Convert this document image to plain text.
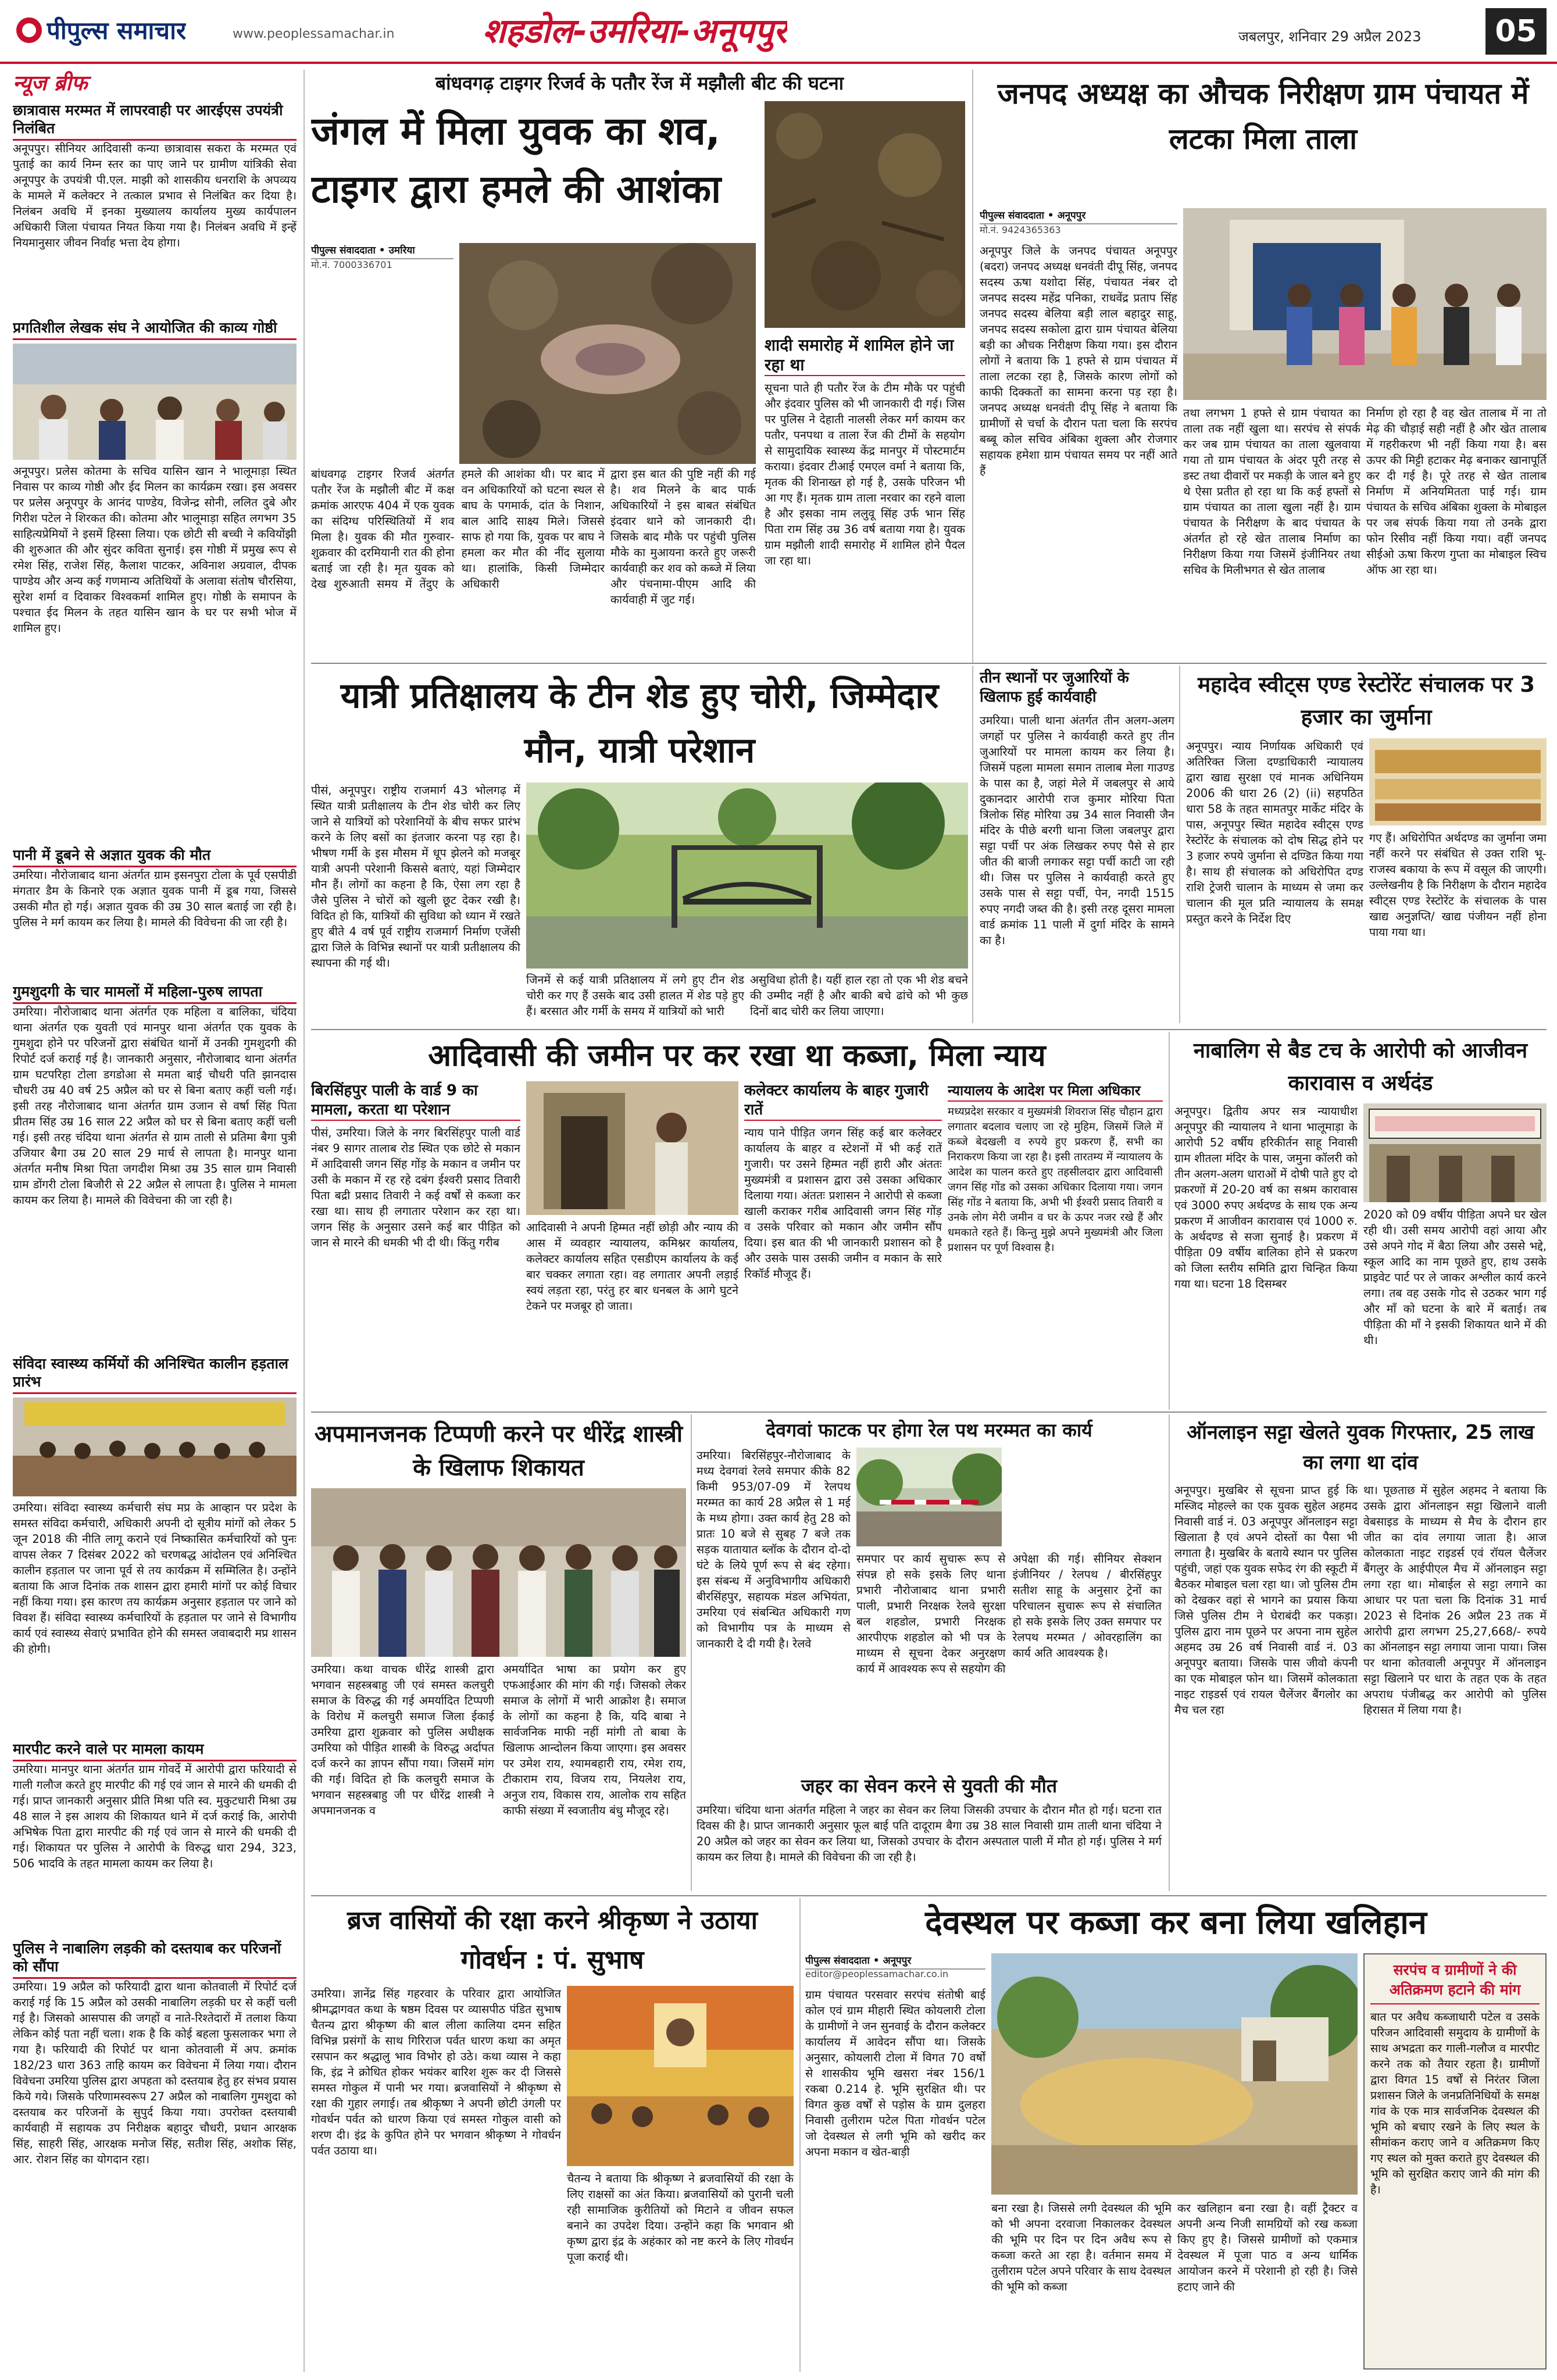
पीपुल्स समाचार	www.peoplessamachar.in	शहडोल-उमरिया-अनूपपुर	जबलपुर, शनिवार 29 अप्रैल 2023	05
न्यूज ब्रीफ
छात्रावास मरम्मत में लापरवाही पर आरईएस उपयंत्री निलंबित
अनूपपुर। सीनियर आदिवासी कन्या छात्रावास सकरा के मरम्मत एवं पुताई का कार्य निम्न स्तर का पाए जाने पर ग्रामीण यांत्रिकी सेवा अनूपपुर के उपयंत्री पी.एल. माझी को शासकीय धनराशि के अपव्यय के मामले में कलेक्टर ने तत्काल प्रभाव से निलंबित कर दिया है। निलंबन अवधि में इनका मुख्यालय कार्यालय मुख्य कार्यपालन अधिकारी जिला पंचायत नियत किया गया है। निलंबन अवधि में इन्हें नियमानुसार जीवन निर्वाह भत्ता देय होगा।
प्रगतिशील लेखक संघ ने आयोजित की काव्य गोष्ठी
अनूपपुर। प्रलेस कोतमा के सचिव यासिन खान ने भालूमाड़ा स्थित निवास पर काव्य गोष्ठी और ईद मिलन का कार्यक्रम रखा। इस अवसर पर प्रलेस अनूपपुर के आनंद पाण्डेय, विजेन्द्र सोनी, ललित दुबे और गिरीश पटेल ने शिरकत की। कोतमा और भालूमाड़ा सहित लगभग 35 साहित्यप्रेमियों ने इसमें हिस्सा लिया। एक छोटी सी बच्ची ने कवियोंझी की शुरुआत की और सुंदर कविता सुनाई। इस गोष्ठी में प्रमुख रूप से रमेश सिंह, राजेश सिंह, कैलाश पाटकर, अविनाश अग्रवाल, दीपक पाण्डेय और अन्य कई गणमान्य अतिथियों के अलावा संतोष चौरसिया, सुरेश शर्मा व दिवाकर विश्वकर्मा शामिल हुए। गोष्ठी के समापन के पश्चात ईद मिलन के तहत यासिन खान के घर पर सभी भोज में शामिल हुए।
पानी में डूबने से अज्ञात युवक की मौत
उमरिया। नौरोजाबाद थाना अंतर्गत ग्राम इसनपुरा टोला के पूर्व एसपीडी मंगतार डैम के किनारे एक अज्ञात युवक पानी में डूब गया, जिससे उसकी मौत हो गई। अज्ञात युवक की उम्र 30 साल बताई जा रही है। पुलिस ने मर्ग कायम कर लिया है। मामले की विवेचना की जा रही है।
गुमशुदगी के चार मामलों में महिला-पुरुष लापता
उमरिया। नौरोजाबाद थाना अंतर्गत एक महिला व बालिका, चंदिया थाना अंतर्गत एक युवती एवं मानपुर थाना अंतर्गत एक युवक के गुमशुदा होने पर परिजनों द्वारा संबंधित थानों में उनकी गुमशुदगी की रिपोर्ट दर्ज कराई गई है। जानकारी अनुसार, नौरोजाबाद थाना अंतर्गत ग्राम घटपरिहा टोला डगडोआ से ममता बाई चौधरी पति झानदास चौधरी उम्र 40 वर्ष 25 अप्रैल को घर से बिना बताए कहीं चली गई। इसी तरह नौरोजाबाद थाना अंतर्गत ग्राम उजान से वर्षा सिंह पिता प्रीतम सिंह उम्र 16 साल 22 अप्रैल को घर से बिना बताए कहीं चली गई। इसी तरह चंदिया थाना अंतर्गत से ग्राम ताली से प्रतिमा बैगा पुत्री उजियार बैगा उम्र 20 साल 29 मार्च से लापता है। मानपुर थाना अंतर्गत मनीष मिश्रा पिता जगदीश मिश्रा उम्र 35 साल ग्राम निवासी ग्राम डोंगरी टोला बिजौरी से 22 अप्रैल से लापता है। पुलिस ने मामला कायम कर लिया है। मामले की विवेचना की जा रही है।
संविदा स्वास्थ्य कर्मियों की अनिश्चित कालीन हड़ताल प्रारंभ
उमरिया। संविदा स्वास्थ्य कर्मचारी संघ मप्र के आव्हान पर प्रदेश के समस्त संविदा कर्मचारी, अधिकारी अपनी दो सूत्रीय मांगों को लेकर 5 जून 2018 की नीति लागू कराने एवं निष्कासित कर्मचारियों को पुनः वापस लेकर 7 दिसंबर 2022 को चरणबद्ध आंदोलन एवं अनिश्चित कालीन हड़ताल पर जाना पूर्व से तय कार्यक्रम में सम्मिलित है। उन्होंने बताया कि आज दिनांक तक शासन द्वारा हमारी मांगों पर कोई विचार नहीं किया गया। इस कारण तय कार्यक्रम अनुसार हड़ताल पर जाने को विवश हैं। संविदा स्वास्थ्य कर्मचारियों के हड़ताल पर जाने से विभागीय कार्य एवं स्वास्थ्य सेवाएं प्रभावित होने की समस्त जवाबदारी मप्र शासन की होगी।
मारपीट करने वाले पर मामला कायम
उमरिया। मानपुर थाना अंतर्गत ग्राम गोवर्दे में आरोपी द्वारा फरियादी से गाली गलौज करते हुए मारपीट की गई एवं जान से मारने की धमकी दी गई। प्राप्त जानकारी अनुसार प्रीति मिश्रा पति स्व. मुकुटधारी मिश्रा उम्र 48 साल ने इस आशय की शिकायत थाने में दर्ज कराई कि, आरोपी अभिषेक पिता द्वारा मारपीट की गई एवं जान से मारने की धमकी दी गई। शिकायत पर पुलिस ने आरोपी के विरुद्ध धारा 294, 323, 506 भादवि के तहत मामला कायम कर लिया है।
पुलिस ने नाबालिग लड़की को दस्तयाब कर परिजनों को सौंपा
उमरिया। 19 अप्रैल को फरियादी द्वारा थाना कोतवाली में रिपोर्ट दर्ज कराई गई कि 15 अप्रैल को उसकी नाबालिग लड़की घर से कहीं चली गई है। जिसको आसपास की जगहों व नाते-रिश्तेदारों में तलाश किया लेकिन कोई पता नहीं चला। शक है कि कोई बहला फुसलाकर भगा ले गया है। फरियादी की रिपोर्ट पर थाना कोतवाली में अप. क्रमांक 182/23 धारा 363 ताहि कायम कर विवेचना में लिया गया। दौरान विवेचना उमरिया पुलिस द्वारा अपहता को दस्तयाब हेतु हर संभव प्रयास किये गये। जिसके परिणामस्वरूप 27 अप्रैल को नाबालिग गुमशुदा को दस्तयाब कर परिजनों के सुपुर्द किया गया। उपरोक्त दस्तयाबी कार्यवाही में सहायक उप निरीक्षक बहादुर चौधरी, प्रधान आरक्षक सिंह, साहरी सिंह, आरक्षक मनोज सिंह, सतीश सिंह, अशोक सिंह, आर. रोशन सिंह का योगदान रहा।
बांधवगढ़ टाइगर रिजर्व के पतौर रेंज में मझौली बीट की घटना
जंगल में मिला युवक का शव, टाइगर द्वारा हमले की आशंका
पीपुल्स संवाददाता • उमरिया
मो.नं. 7000336701
बांधवगढ़ टाइगर रिजर्व अंतर्गत पतौर रेंज के मझौली बीट में कक्ष क्रमांक आरएफ 404 में एक युवक का संदिग्ध परिस्थितियों में शव मिला है। युवक की मौत गुरुवार-शुक्रवार की दरमियानी रात की होना बताई जा रही है। मृत युवक को देख शुरुआती समय में तेंदुए के हमले की आशंका थी। पर बाद में वन अधिकारियों को घटना स्थल से बाघ के पगमार्क, दांत के निशान, बाल आदि साक्ष्य मिले। जिससे साफ हो गया कि, युवक पर बाघ ने हमला कर मौत की नींद सुलाया था। हालांकि, किसी जिम्मेदार अधिकारी
द्वारा इस बात की पुष्टि नहीं की गई है। शव मिलने के बाद पार्क अधिकारियों ने इस बाबत संबंधित इंदवार थाने को जानकारी दी। जिसके बाद मौके पर पहुंची पुलिस मौके का मुआयना करते हुए जरूरी कार्यवाही कर शव को कब्जे में लिया और पंचनामा-पीएम आदि की कार्यवाही में जुट गई।
शादी समारोह में शामिल होने जा रहा था
सूचना पाते ही पतौर रेंज के टीम मौके पर पहुंची और इंदवार पुलिस को भी जानकारी दी गई। जिस पर पुलिस ने देहाती नालसी लेकर मर्ग कायम कर पतौर, पनपथा व ताला रेंज की टीमों के सहयोग से सामुदायिक स्वास्थ्य केंद्र मानपुर में पोस्टमार्टम कराया। इंदवार टीआई एमएल वर्मा ने बताया कि, मृतक की शिनाख्त हो गई है, उसके परिजन भी आ गए हैं। मृतक ग्राम ताला नरवार का रहने वाला है और इसका नाम ललुवू सिंह उर्फ भान सिंह पिता राम सिंह उम्र 36 वर्ष बताया गया है। युवक ग्राम मझौली शादी समारोह में शामिल होने पैदल जा रहा था।
जनपद अध्यक्ष का औचक निरीक्षण ग्राम पंचायत में लटका मिला ताला
पीपुल्स संवाददाता • अनूपपुर
मो.नं. 9424365363
अनूपपुर जिले के जनपद पंचायत अनूपपुर (बदरा) जनपद अध्यक्ष धनवंती दीपू सिंह, जनपद सदस्य ऊषा यशोदा सिंह, पंचायत नंबर दो जनपद सदस्य महेंद्र पनिका, राधवेंद्र प्रताप सिंह जनपद सदस्य बेलिया बड़ी लाल बहादुर साहू, जनपद सदस्य सकोला द्वारा ग्राम पंचायत बेलिया बड़ी का औचक निरीक्षण किया गया। इस दौरान लोगों ने बताया कि 1 हफ्ते से ग्राम पंचायत में ताला लटका रहा है, जिसके कारण लोगों को काफी दिक्कतों का सामना करना पड़ रहा है। जनपद अध्यक्ष धनवंती दीपू सिंह ने बताया कि ग्रामीणों से चर्चा के दौरान पता चला कि सरपंच बब्बू कोल सचिव अंबिका शुक्ला और रोजगार सहायक हमेशा ग्राम पंचायत समय पर नहीं आते हैं
तथा लगभग 1 हफ्ते से ग्राम पंचायत का ताला तक नहीं खुला था। सरपंच से संपर्क कर जब ग्राम पंचायत का ताला खुलवाया गया तो ग्राम पंचायत के अंदर पूरी तरह से डस्ट तथा दीवारों पर मकड़ी के जाल बने हुए थे ऐसा प्रतीत हो रहा था कि कई हफ्तों से ग्राम पंचायत का ताला खुला नहीं है। ग्राम पंचायत के निरीक्षण के बाद पंचायत के अंतर्गत हो रहे खेत तालाब निर्माण का निरीक्षण किया गया जिसमें इंजीनियर तथा सचिव के मिलीभगत से खेत तालाब
निर्माण हो रहा है वह खेत तालाब में ना तो मेढ़ की चौड़ाई सही नहीं है और खेत तालाब में गहरीकरण भी नहीं किया गया है। बस ऊपर की मिट्टी हटाकर मेढ़ बनाकर खानापूर्ति कर दी गई है। पूरे तरह से खेत तालाब निर्माण में अनियमितता पाई गई। ग्राम पंचायत के सचिव अंबिका शुक्ला के मोबाइल पर जब संपर्क किया गया तो उनके द्वारा फोन रिसीव नहीं किया गया। वहीं जनपद सीईओ ऊषा किरण गुप्ता का मोबाइल स्विच ऑफ आ रहा था।
यात्री प्रतिक्षालय के टीन शेड हुए चोरी, जिम्मेदार मौन, यात्री परेशान
पीसं, अनूपपुर। राष्ट्रीय राजमार्ग 43 भोलगढ़ में स्थित यात्री प्रतीक्षालय के टीन शेड चोरी कर लिए जाने से यात्रियों को परेशानियों के बीच सफर प्रारंभ करने के लिए बसों का इंतजार करना पड़ रहा है। भीषण गर्मी के इस मौसम में धूप झेलने को मजबूर यात्री अपनी परेशानी किससे बताएं, यहां जिम्मेदार मौन हैं। लोगों का कहना है कि, ऐसा लग रहा है जैसे पुलिस ने चोरों को खुली छूट देकर रखी है। विदित हो कि, यात्रियों की सुविधा को ध्यान में रखते हुए बीते 4 वर्ष पूर्व राष्ट्रीय राजमार्ग निर्माण एजेंसी द्वारा जिले के विभिन्न स्थानों पर यात्री प्रतीक्षालय की स्थापना की गई थी।
जिनमें से कई यात्री प्रतिक्षालय में लगे हुए टीन शेड चोरी कर गए हैं उसके बाद उसी हालत में शेड पड़े हुए हैं। बरसात और गर्मी के समय में यात्रियों को भारी
असुविधा होती है। यहीं हाल रहा तो एक भी शेड बचने की उम्मीद नहीं है और बाकी बचे ढांचे को भी कुछ दिनों बाद चोरी कर लिया जाएगा।
तीन स्थानों पर जुआरियों के खिलाफ हुई कार्यवाही
उमरिया। पाली थाना अंतर्गत तीन अलग-अलग जगहों पर पुलिस ने कार्यवाही करते हुए तीन जुआरियों पर मामला कायम कर लिया है। जिसमें पहला मामला समान तालाब मेला गाउण्ड के पास का है, जहां मेले में जबलपुर से आये दुकानदार आरोपी राज कुमार मोरिया पिता त्रिलोक सिंह मोरिया उम्र 34 साल निवासी जैन मंदिर के पीछे बरगी थाना जिला जबलपुर द्वारा सट्टा पर्ची पर अंक लिखकर रुपए पैसे से हार जीत की बाजी लगाकर सट्टा पर्ची काटी जा रही थी। जिस पर पुलिस ने कार्यवाही करते हुए उसके पास से सट्टा पर्ची, पेन, नगदी 1515 रुपए नगदी जब्त की है। इसी तरह दूसरा मामला वार्ड क्रमांक 11 पाली में दुर्गा मंदिर के सामने का है।
महादेव स्वीट्स एण्ड रेस्टोरेंट संचालक पर 3 हजार का जुर्माना
अनूपपुर। न्याय निर्णायक अधिकारी एवं अतिरिक्त जिला दण्डाधिकारी न्यायालय द्वारा खाद्य सुरक्षा एवं मानक अधिनियम 2006 की धारा 26 (2) (ii) सहपठित धारा 58 के तहत सामतपुर मार्केट मंदिर के पास, अनूपपुर स्थित महादेव स्वीट्स एण्ड रेस्टोरेंट के संचालक को दोष सिद्ध होने पर 3 हजार रुपये जुर्माना से दण्डित किया गया है। साथ ही संचालक को अधिरोपित दण्ड राशि ट्रेजरी चालान के माध्यम से जमा कर चालान की मूल प्रति न्यायालय के समक्ष प्रस्तुत करने के निर्देश दिए
गए हैं। अधिरोपित अर्थदण्ड का जुर्माना जमा नहीं करने पर संबंधित से उक्त राशि भू-राजस्व बकाया के रूप में वसूल की जाएगी। उल्लेखनीय है कि निरीक्षण के दौरान महादेव स्वीट्स एण्ड रेस्टोरेंट के संचालक के पास खाद्य अनुज्ञप्ति/ खाद्य पंजीयन नहीं होना पाया गया था।
आदिवासी की जमीन पर कर रखा था कब्जा, मिला न्याय
बिरसिंहपुर पाली के वार्ड 9 का मामला, करता था परेशान
पीसं, उमरिया। जिले के नगर बिरसिंहपुर पाली वार्ड नंबर 9 सागर तालाब रोड स्थित एक छोटे से मकान में आदिवासी जगन सिंह गोंड़ के मकान व जमीन पर उसी के मकान में रह रहे दबंग ईश्वरी प्रसाद तिवारी पिता बद्री प्रसाद तिवारी ने कई वर्षों से कब्जा कर रखा था। साथ ही लगातार परेशान कर रहा था। जगन सिंह के अनुसार उसने कई बार पीड़ित को जान से मारने की धमकी भी दी थी। किंतु गरीब
आदिवासी ने अपनी हिम्मत नहीं छोड़ी और न्याय की आस में व्यवहार न्यायालय, कमिश्नर कार्यालय, कलेक्टर कार्यालय सहित एसडीएम कार्यालय के कई बार चक्कर लगाता रहा। वह लगातार अपनी लड़ाई स्वयं लड़ता रहा, परंतु हर बार धनबल के आगे घुटने टेकने पर मजबूर हो जाता।
कलेक्टर कार्यालय के बाहर गुजारी रातें
न्याय पाने पीड़ित जगन सिंह कई बार कलेक्टर कार्यालय के बाहर व स्टेशनों में भी कई रातें गुजारी। पर उसने हिम्मत नहीं हारी और अंततः मुख्यमंत्री व प्रशासन द्वारा उसे उसका अधिकार दिलाया गया। अंततः प्रशासन ने आरोपी से कब्जा खाली कराकर गरीब आदिवासी जगन सिंह गोंड़ व उसके परिवार को मकान और जमीन सौंप दिया। इस बात की भी जानकारी प्रशासन को है और उसके पास उसकी जमीन व मकान के सारे रिकॉर्ड मौजूद हैं।
न्यायालय के आदेश पर मिला अधिकार
मध्यप्रदेश सरकार व मुख्यमंत्री शिवराज सिंह चौहान द्वारा लगातार बदलाव चलाए जा रहे मुहिम, जिसमें जिले में कब्जे बेदखली व रुपये हुए प्रकरण हैं, सभी का निराकरण किया जा रहा है। इसी तारतम्य में न्यायालय के आदेश का पालन करते हुए तहसीलदार द्वारा आदिवासी जगन सिंह गोंड को उसका अधिकार दिलाया गया। जगन सिंह गोंड ने बताया कि, अभी भी ईश्वरी प्रसाद तिवारी व उनके लोग मेरी जमीन व घर के ऊपर नजर रखे हैं और धमकाते रहते हैं। किन्तु मुझे अपने मुख्यमंत्री और जिला प्रशासन पर पूर्ण विश्वास है।
नाबालिग से बैड टच के आरोपी को आजीवन कारावास व अर्थदंड
अनूपपुर। द्वितीय अपर सत्र न्यायाधीश अनूपपुर की न्यायालय ने थाना भालूमाड़ा के आरोपी 52 वर्षीय हरिकीर्तन साहू निवासी ग्राम शीतला मंदिर के पास, जमुना कॉलरी को तीन अलग-अलग धाराओं में दोषी पाते हुए दो प्रकरणों में 20-20 वर्ष का सश्रम कारावास एवं 3000 रुपए अर्थदण्ड के साथ एक अन्य प्रकरण में आजीवन कारावास एवं 1000 रु. के अर्थदण्ड से सजा सुनाई है। प्रकरण में पीड़िता 09 वर्षीय बालिका होने से प्रकरण को जिला स्तरीय समिति द्वारा चिन्हित किया गया था। घटना 18 दिसम्बर
2020 को 09 वर्षीय पीड़िता अपने घर खेल रही थी। उसी समय आरोपी वहां आया और उसे अपने गोद में बैठा लिया और उससे भद्दे, स्कूल आदि का नाम पूछते हुए, हाथ उसके प्राइवेट पार्ट पर ले जाकर अश्लील कार्य करने लगा। तब वह उसके गोद से उठकर भाग गई और माँ को घटना के बारे में बताई। तब पीड़िता की माँ ने इसकी शिकायत थाने में की थी।
अपमानजनक टिप्पणी करने पर धीरेंद्र शास्त्री के खिलाफ शिकायत
उमरिया। कथा वाचक धीरेंद्र शास्त्री द्वारा भगवान सहस्त्रबाहु जी एवं समस्त कलचुरी समाज के विरुद्ध की गई अमर्यादित टिप्पणी के विरोध में कलचुरी समाज जिला ईकाई उमरिया द्वारा शुक्रवार को पुलिस अधीक्षक उमरिया को पीड़ित शास्त्री के विरुद्ध अर्दापत दर्ज करने का ज्ञापन सौंपा गया। जिसमें मांग की गई। विदित हो कि कलचुरी समाज के भगवान सहस्त्रबाहु जी पर धीरेंद्र शास्त्री ने अपमानजनक व
अमर्यादित भाषा का प्रयोग कर हुए एफआईआर की मांग की गई। जिसको लेकर समाज के लोगों में भारी आक्रोश है। समाज के लोगों का कहना है कि, यदि बाबा ने सार्वजनिक माफी नहीं मांगी तो बाबा के खिलाफ आन्दोलन किया जाएगा। इस अवसर पर उमेश राय, श्यामबहारी राय, रमेश राय, टीकाराम राय, विजय राय, नियलेश राय, अनुज राय, विकास राय, आलोक राय सहित काफी संख्या में स्वजातीय बंधु मौजूद रहे।
देवगवां फाटक पर होगा रेल पथ मरम्मत का कार्य
उमरिया। बिरसिंहपुर-नौरोजाबाद के मध्य देवगवां रेलवे समपार कीके 82 किमी 953/07-09 में रेलपथ मरम्मत का कार्य 28 अप्रैल से 1 मई के मध्य होगा। उक्त कार्य हेतु 28 को प्रातः 10 बजे से सुबह 7 बजे तक सड़क यातायात ब्लॉक के दौरान दो-दो घंटे के लिये पूर्ण रूप से बंद रहेगा। इस संबन्ध में अनुविभागीय अधिकारी बीरसिंहपुर, सहायक मंडल अभियंता, उमरिया एवं संबन्धित अधिकारी गण को विभागीय पत्र के माध्यम से जानकारी दे दी गयी है। रेलवे
समपार पर कार्य सुचारू रूप से संपन्न हो सके इसके लिए थाना प्रभारी नौरोजाबाद थाना प्रभारी पाली, प्रभारी निरक्षक रेलवे सुरक्षा बल शहडोल, प्रभारी निरक्षक आरपीएफ शहडोल को भी पत्र के माध्यम से सूचना देकर अनुरक्षण कार्य में आवश्यक रूप से सहयोग की अपेक्षा की गई। सीनियर सेक्शन इंजीनियर / रेलपथ / बीरसिंहपुर सतीश साहू के अनुसार ट्रेनों का परिचालन सुचारू रूप से संचालित हो सके इसके लिए उक्त समपार पर रेलपथ मरम्मत / ओवरहालिंग का कार्य अति आवश्यक है।
जहर का सेवन करने से युवती की मौत
उमरिया। चंदिया थाना अंतर्गत महिला ने जहर का सेवन कर लिया जिसकी उपचार के दौरान मौत हो गई। घटना रात दिवस की है। प्राप्त जानकारी अनुसार फूल बाई पति दादूराम बैगा उम्र 38 साल निवासी ग्राम ताली थाना चंदिया ने 20 अप्रैल को जहर का सेवन कर लिया था, जिसको उपचार के दौरान अस्पताल पाली में मौत हो गई। पुलिस ने मर्ग कायम कर लिया है। मामले की विवेचना की जा रही है।
ऑनलाइन सट्टा खेलते युवक गिरफ्तार, 25 लाख का लगा था दांव
अनूपपुर। मुखबिर से सूचना प्राप्त हुई कि मस्जिद मोहल्ले का एक युवक सुहेल अहमद निवासी वार्ड नं. 03 अनूपपुर ऑनलाइन सट्टा खिलाता है एवं अपने दोस्तों का पैसा भी लगाता है। मुखबिर के बताये स्थान पर पुलिस पहुंची, जहां एक युवक सफेद रंग की स्कूटी में बैठकर मोबाइल चला रहा था। जो पुलिस टीम को देखकर वहां से भागने का प्रयास किया जिसे पुलिस टीम ने घेराबंदी कर पकड़ा। पुलिस द्वारा नाम पूछने पर अपना नाम सुहेल अहमद उम्र 26 वर्ष निवासी वार्ड नं. 03 अनूपपुर बताया। जिसके पास जीवो कंपनी का एक मोबाइल फोन था। जिसमें कोलकाता नाइट राइडर्स एवं रायल चैलेंजर बैंगलोर का मैच चल रहा
था। पूछताछ में सुहेल अहमद ने बताया कि उसके द्वारा ऑनलाइन सट्टा खिलाने वाली वेबसाइड के माध्यम से मैच के दौरान हार जीत का दांव लगाया जाता है। आज कोलकाता नाइट राइडर्स एवं रॉयल चैलेंजर बैंगलुर के आईपीएल मैच में ऑनलाइन सट्टा लगा रहा था। मोबाईल से सट्टा लगाने का आधार पर पता चला कि दिनांक 31 मार्च 2023 से दिनांक 26 अप्रैल 23 तक में आरोपी द्वारा लगभग 25,27,668/- रुपये का ऑनलाइन सट्टा लगाया जाना पाया। जिस पर थाना कोतवाली अनूपपुर में ऑनलाइन सट्टा खिलाने पर धारा के तहत एक के तहत अपराध पंजीबद्ध कर आरोपी को पुलिस हिरासत में लिया गया है।
ब्रज वासियों की रक्षा करने श्रीकृष्ण ने उठाया गोवर्धन : पं. सुभाष
उमरिया। ज्ञानेंद्र सिंह गहरवार के परिवार द्वारा आयोजित श्रीमद्भागवत कथा के षष्ठम दिवस पर व्यासपीठ पंडित सुभाष चैतन्य द्वारा श्रीकृष्ण की बाल लीला कालिया दमन सहित विभिन्न प्रसंगों के साथ गिरिराज पर्वत धारण कथा का अमृत रसपान कर श्रद्धालु भाव विभोर हो उठे। कथा व्यास ने कहा कि, इंद्र ने क्रोधित होकर भयंकर बारिश शुरू कर दी जिससे समस्त गोकुल में पानी भर गया। ब्रजवासियों ने श्रीकृष्ण से रक्षा की गुहार लगाई। तब श्रीकृष्ण ने अपनी छोटी उंगली पर गोवर्धन पर्वत को धारण किया एवं समस्त गोकुल वासी को शरण दी। इंद्र के कुपित होने पर भगवान श्रीकृष्ण ने गोवर्धन पर्वत उठाया था।
चैतन्य ने बताया कि श्रीकृष्ण ने ब्रजवासियों की रक्षा के लिए राक्षसों का अंत किया। ब्रजवासियों को पुरानी चली रही सामाजिक कुरीतियों को मिटाने व जीवन सफल बनाने का उपदेश दिया। उन्होंने कहा कि भगवान श्री कृष्ण द्वारा इंद्र के अहंकार को नष्ट करने के लिए गोवर्धन पूजा कराई थी।
देवस्थल पर कब्जा कर बना लिया खलिहान
पीपुल्स संवाददाता • अनूपपुर
editor@peoplessamachar.co.in
ग्राम पंचायत परसवार सरपंच संतोषी बाई कोल एवं ग्राम मीहारी स्थित कोयलारी टोला के ग्रामीणों ने जन सुनवाई के दौरान कलेक्टर कार्यालय में आवेदन सौंपा था। जिसके अनुसार, कोयलारी टोला में विगत 70 वर्षों से शासकीय भूमि खसरा नंबर 156/1 रकबा 0.214 हे. भूमि सुरक्षित थी। पर विगत कुछ वर्षों से पड़ोस के ग्राम दुलहरा निवासी तुलीराम पटेल पिता गोवर्धन पटेल जो देवस्थल से लगी भूमि को खरीद कर अपना मकान व खेत-बाड़ी
बना रखा है। जिससे लगी देवस्थल की भूमि को भी अपना दरवाजा निकालकर देवस्थल की भूमि पर दिन पर दिन अवैध रूप से कब्जा करते आ रहा है। वर्तमान समय में तुलीराम पटेल अपने परिवार के साथ देवस्थल की भूमि को कब्जा
कर खलिहान बना रखा है। वहीं ट्रैक्टर व अपनी अन्य निजी सामग्रियों को रख कब्जा किए हुए है। जिससे ग्रामीणों को एकमात्र देवस्थल में पूजा पाठ व अन्य धार्मिक आयोजन करने में परेशानी हो रही है। जिसे हटाए जाने की
सरपंच व ग्रामीणों ने की अतिक्रमण हटाने की मांग
बात पर अवैध कब्जाधारी पटेल व उसके परिजन आदिवासी समुदाय के ग्रामीणों के साथ अभद्रता कर गाली-गलौज व मारपीट करने तक को तैयार रहता है। ग्रामीणों द्वारा विगत 15 वर्षों से निरंतर जिला प्रशासन जिले के जनप्रतिनिधियों के समक्ष गांव के एक मात्र सार्वजनिक देवस्थल की भूमि को बचाए रखने के लिए स्थल के सीमांकन कराए जाने व अतिक्रमण किए गए स्थल को मुक्त कराते हुए देवस्थल की भूमि को सुरक्षित कराए जाने की मांग की है।
